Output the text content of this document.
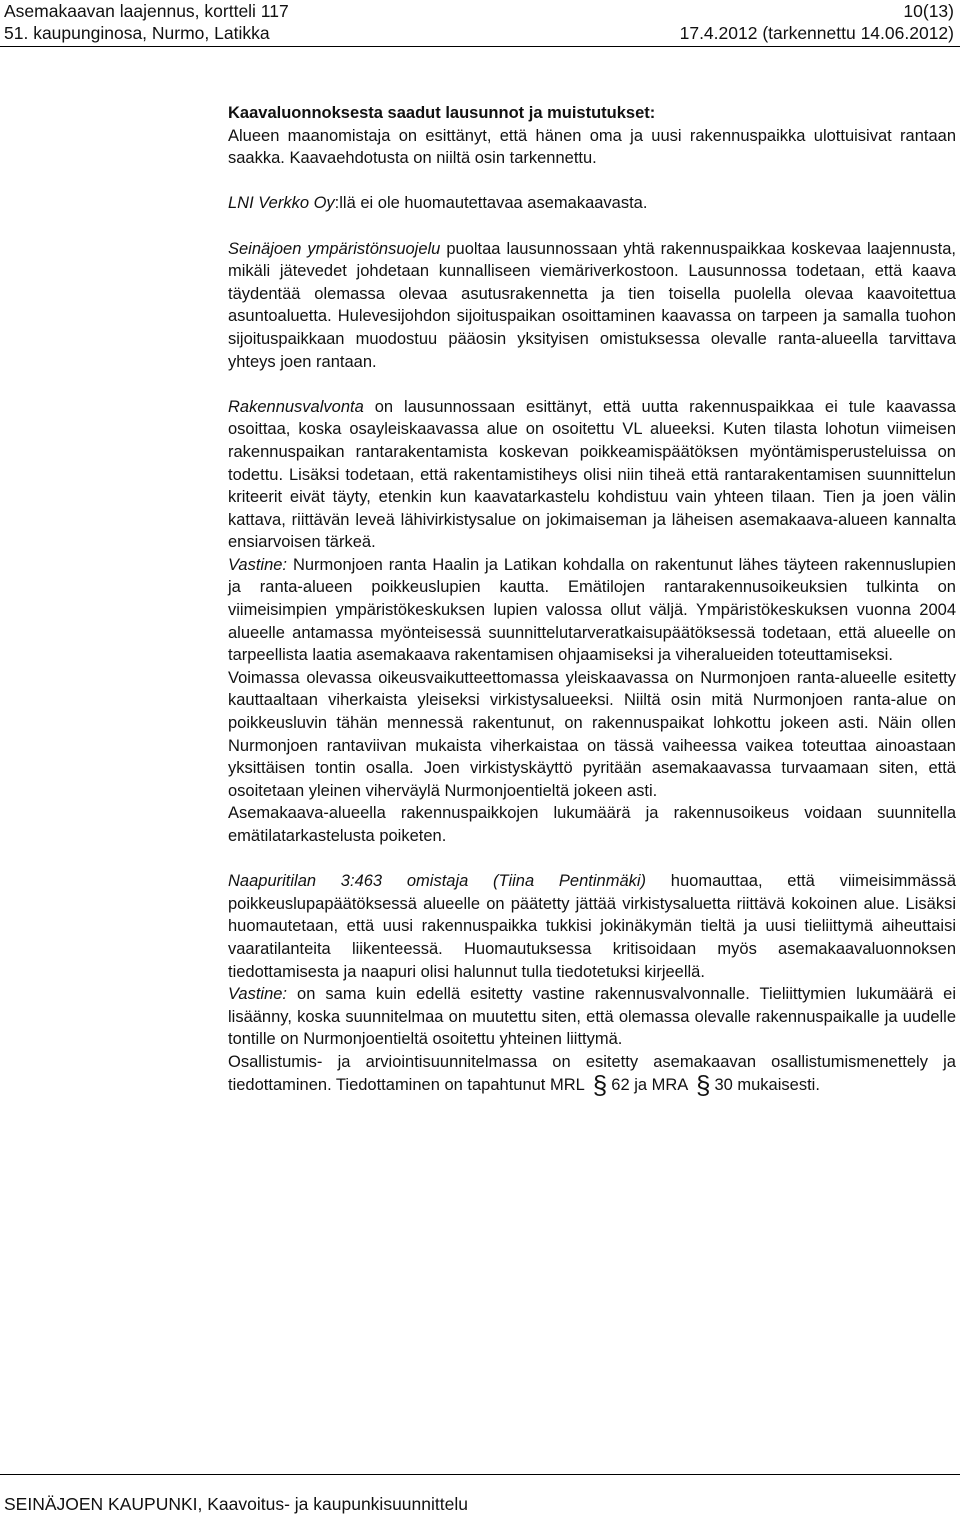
Asemakaavan laajennus, kortteli 117	10(13)
51. kaupunginosa, Nurmo, Latikka	17.4.2012 (tarkennettu 14.06.2012)

Kaavaluonnoksesta saadut lausunnot ja muistutukset:

Alueen maanomistaja on esittänyt, että hänen oma ja uusi rakennuspaikka ulottuisivat rantaan saakka. Kaavaehdotusta on niiltä osin tarkennettu.

LNI Verkko Oy:llä ei ole huomautettavaa asemakaavasta.

Seinäjoen ympäristönsuojelu puoltaa lausunnossaan yhtä rakennuspaikkaa koskevaa laajennusta, mikäli jätevedet johdetaan kunnalliseen viemäriverkostoon. Lausunnossa todetaan, että kaava täydentää olemassa olevaa asutusrakennetta ja tien toisella puolella olevaa kaavoitettua asuntoaluetta. Hulevesijohdon sijoituspaikan osoittaminen kaavassa on tarpeen ja samalla tuohon sijoituspaikkaan muodostuu pääosin yksityisen omistuksessa olevalle ranta-alueella tarvittava yhteys joen rantaan.

Rakennusvalvonta on lausunnossaan esittänyt, että uutta rakennuspaikkaa ei tule kaavassa osoittaa, koska osayleiskaavassa alue on osoitettu VL alueeksi. Kuten tilasta lohotun viimeisen rakennuspaikan rantarakentamista koskevan poikkeamispäätöksen myöntämisperusteluissa on todettu. Lisäksi todetaan, että rakentamistiheys olisi niin tiheä että rantarakentamisen suunnittelun kriteerit eivät täyty, etenkin kun kaavatarkastelu kohdistuu vain yhteen tilaan. Tien ja joen välin kattava, riittävän leveä lähivirkistysalue on jokimaiseman ja läheisen asemakaava-alueen kannalta ensiarvoisen tärkeä.

Vastine: Nurmonjoen ranta Haalin ja Latikan kohdalla on rakentunut lähes täyteen rakennuslupien ja ranta-alueen poikkeuslupien kautta. Emätilojen rantarakennusoikeuksien tulkinta on viimeisimpien ympäristökeskuksen lupien valossa ollut väljä. Ympäristökeskuksen vuonna 2004 alueelle antamassa myönteisessä suunnittelutarveratkaisupäätöksessä todetaan, että alueelle on tarpeellista laatia asemakaava rakentamisen ohjaamiseksi ja viheralueiden toteuttamiseksi.

Voimassa olevassa oikeusvaikutteettomassa yleiskaavassa on Nurmonjoen ranta-alueelle esitetty kauttaaltaan viherkaista yleiseksi virkistysalueeksi. Niiltä osin mitä Nurmonjoen ranta-alue on poikkeusluvin tähän mennessä rakentunut, on rakennuspaikat lohkottu jokeen asti. Näin ollen Nurmonjoen rantaviivan mukaista viherkaistaa on tässä vaiheessa vaikea toteuttaa ainoastaan yksittäisen tontin osalla. Joen virkistyskäyttö pyritään asemakaavassa turvaamaan siten, että osoitetaan yleinen viherväylä Nurmonjoentieltä jokeen asti.

Asemakaava-alueella rakennuspaikkojen lukumäärä ja rakennusoikeus voidaan suunnitella emätilatarkastelusta poiketen.

Naapuritilan 3:463 omistaja (Tiina Pentinmäki) huomauttaa, että viimeisimmässä poikkeuslupapäätöksessä alueelle on päätetty jättää virkistysaluetta riittävä kokoinen alue. Lisäksi huomautetaan, että uusi rakennuspaikka tukkisi jokinäkymän tieltä ja uusi tieliittymä aiheuttaisi vaaratilanteita liikenteessä. Huomautuksessa kritisoidaan myös asemakaavaluonnoksen tiedottamisesta ja naapuri olisi halunnut tulla tiedotetuksi kirjeellä.

Vastine: on sama kuin edellä esitetty vastine rakennusvalvonnalle. Tieliittymien lukumäärä ei lisäänny, koska suunnitelmaa on muutettu siten, että olemassa olevalle rakennuspaikalle ja uudelle tontille on Nurmonjoentieltä osoitettu yhteinen liittymä.

Osallistumis- ja arviointisuunnitelmassa on esitetty asemakaavan osallistumismenettely ja tiedottaminen. Tiedottaminen on tapahtunut MRL § 62 ja MRA § 30 mukaisesti.

SEINÄJOEN KAUPUNKI, Kaavoitus- ja kaupunkisuunnittelu
